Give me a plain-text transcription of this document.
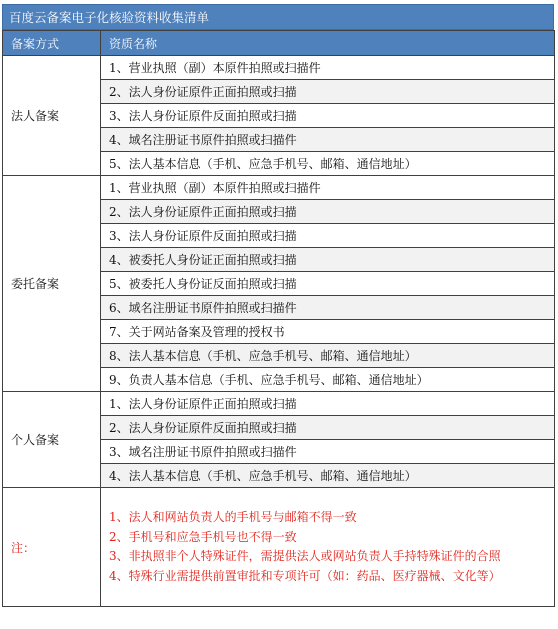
百度云备案电子化核验资料收集清单
备案方式	资质名称
法人备案	1、营业执照（副）本原件拍照或扫描件
	2、法人身份证原件正面拍照或扫描
	3、法人身份证原件反面拍照或扫描
	4、域名注册证书原件拍照或扫描件
	5、法人基本信息（手机、应急手机号、邮箱、通信地址）
委托备案	1、营业执照（副）本原件拍照或扫描件
	2、法人身份证原件正面拍照或扫描
	3、法人身份证原件反面拍照或扫描
	4、被委托人身份证正面拍照或扫描
	5、被委托人身份证反面拍照或扫描
	6、域名注册证书原件拍照或扫描件
	7、关于网站备案及管理的授权书
	8、法人基本信息（手机、应急手机号、邮箱、通信地址）
	9、负责人基本信息（手机、应急手机号、邮箱、通信地址）
个人备案	1、法人身份证原件正面拍照或扫描
	2、法人身份证原件反面拍照或扫描
	3、域名注册证书原件拍照或扫描件
	4、法人基本信息（手机、应急手机号、邮箱、通信地址）
注：	1、法人和网站负责人的手机号与邮箱不得一致
2、手机号和应急手机号也不得一致
3、非执照非个人特殊证件，需提供法人或网站负责人手持特殊证件的合照
4、特殊行业需提供前置审批和专项许可（如：药品、医疗器械、文化等）
